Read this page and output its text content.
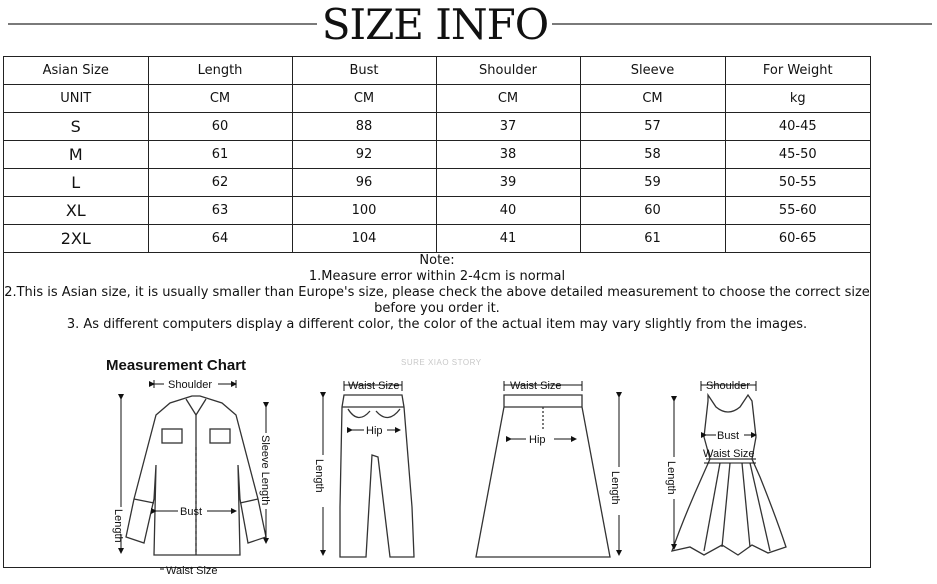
SIZE INFO
Asian Size	Length	Bust	Shoulder	Sleeve	For Weight
UNIT	CM	CM	CM	CM	kg
S	60	88	37	57	40-45
M	61	92	38	58	45-50
L	62	96	39	59	50-55
XL	63	100	40	60	55-60
2XL	64	104	41	61	60-65
Note:
1.Measure error within 2-4cm is normal
2.This is Asian size, it is usually smaller than Europe's size, please check the above detailed measurement to choose the correct size before you order it.
3. As different computers display a different color, the color of the actual item may vary slightly from the images.
Measurement Chart	SURE XIAO STORY
Shoulder
Bust
Waist Size
Length
Sleeve Length
Waist Size
Hip
Length
Waist Size
Hip
Length
Shoulder
Bust
Waist Size
Length
